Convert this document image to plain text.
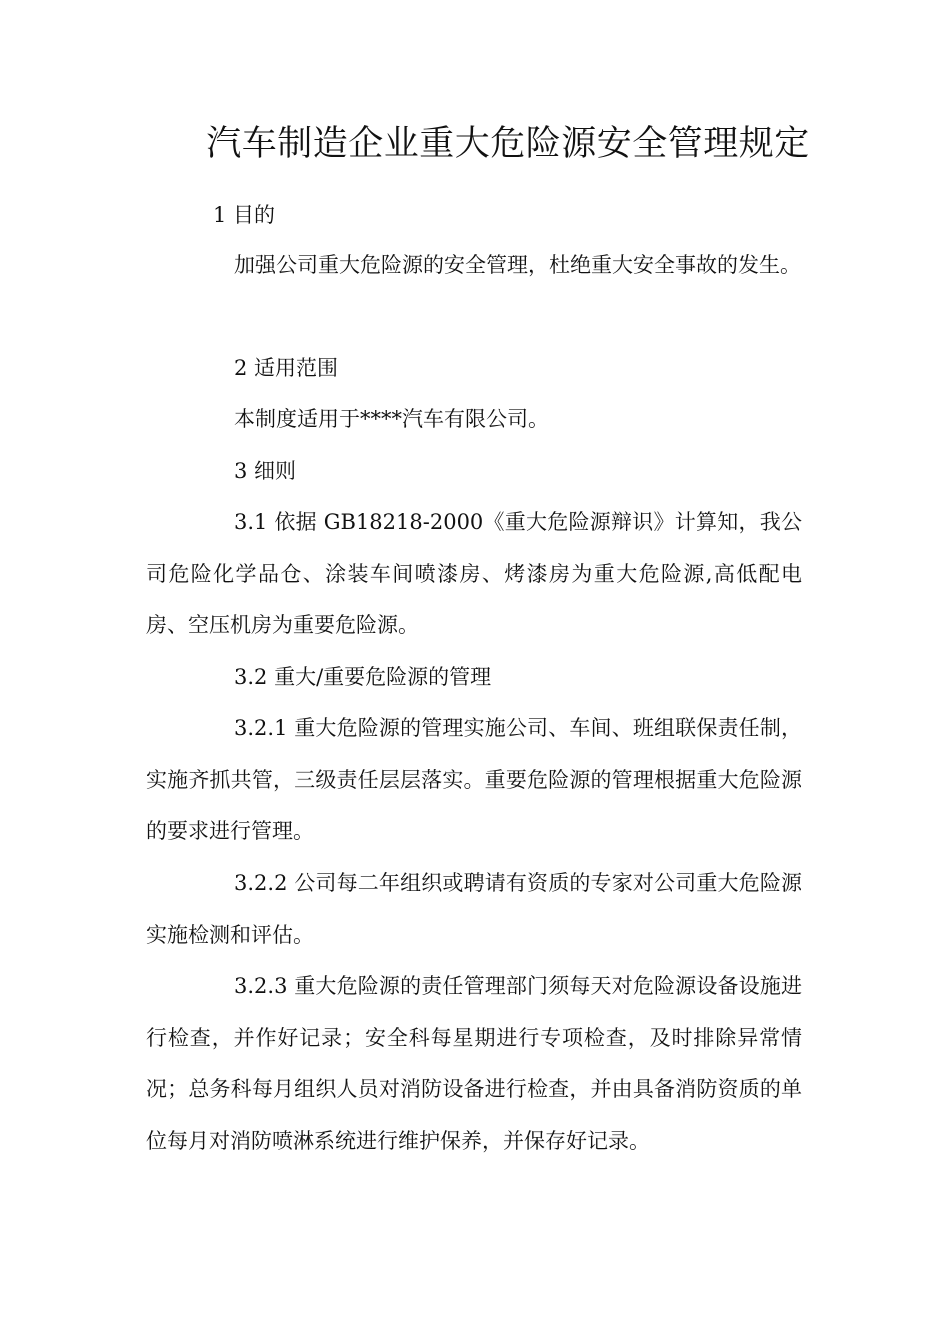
汽车制造企业重大危险源安全管理规定
1 目的

加强公司重大危险源的安全管理，杜绝重大安全事故的发生。

2 适用范围

本制度适用于****汽车有限公司。

3 细则

3.1 依据 GB18218-2000《重大危险源辩识》计算知，我公司危险化学品仓、涂装车间喷漆房、烤漆房为重大危险源,高低配电房、空压机房为重要危险源。

3.2 重大/重要危险源的管理

3.2.1 重大危险源的管理实施公司、车间、班组联保责任制，实施齐抓共管，三级责任层层落实。重要危险源的管理根据重大危险源的要求进行管理。

3.2.2 公司每二年组织或聘请有资质的专家对公司重大危险源实施检测和评估。

3.2.3 重大危险源的责任管理部门须每天对危险源设备设施进行检查，并作好记录；安全科每星期进行专项检查，及时排除异常情况；总务科每月组织人员对消防设备进行检查，并由具备消防资质的单位每月对消防喷淋系统进行维护保养，并保存好记录。
